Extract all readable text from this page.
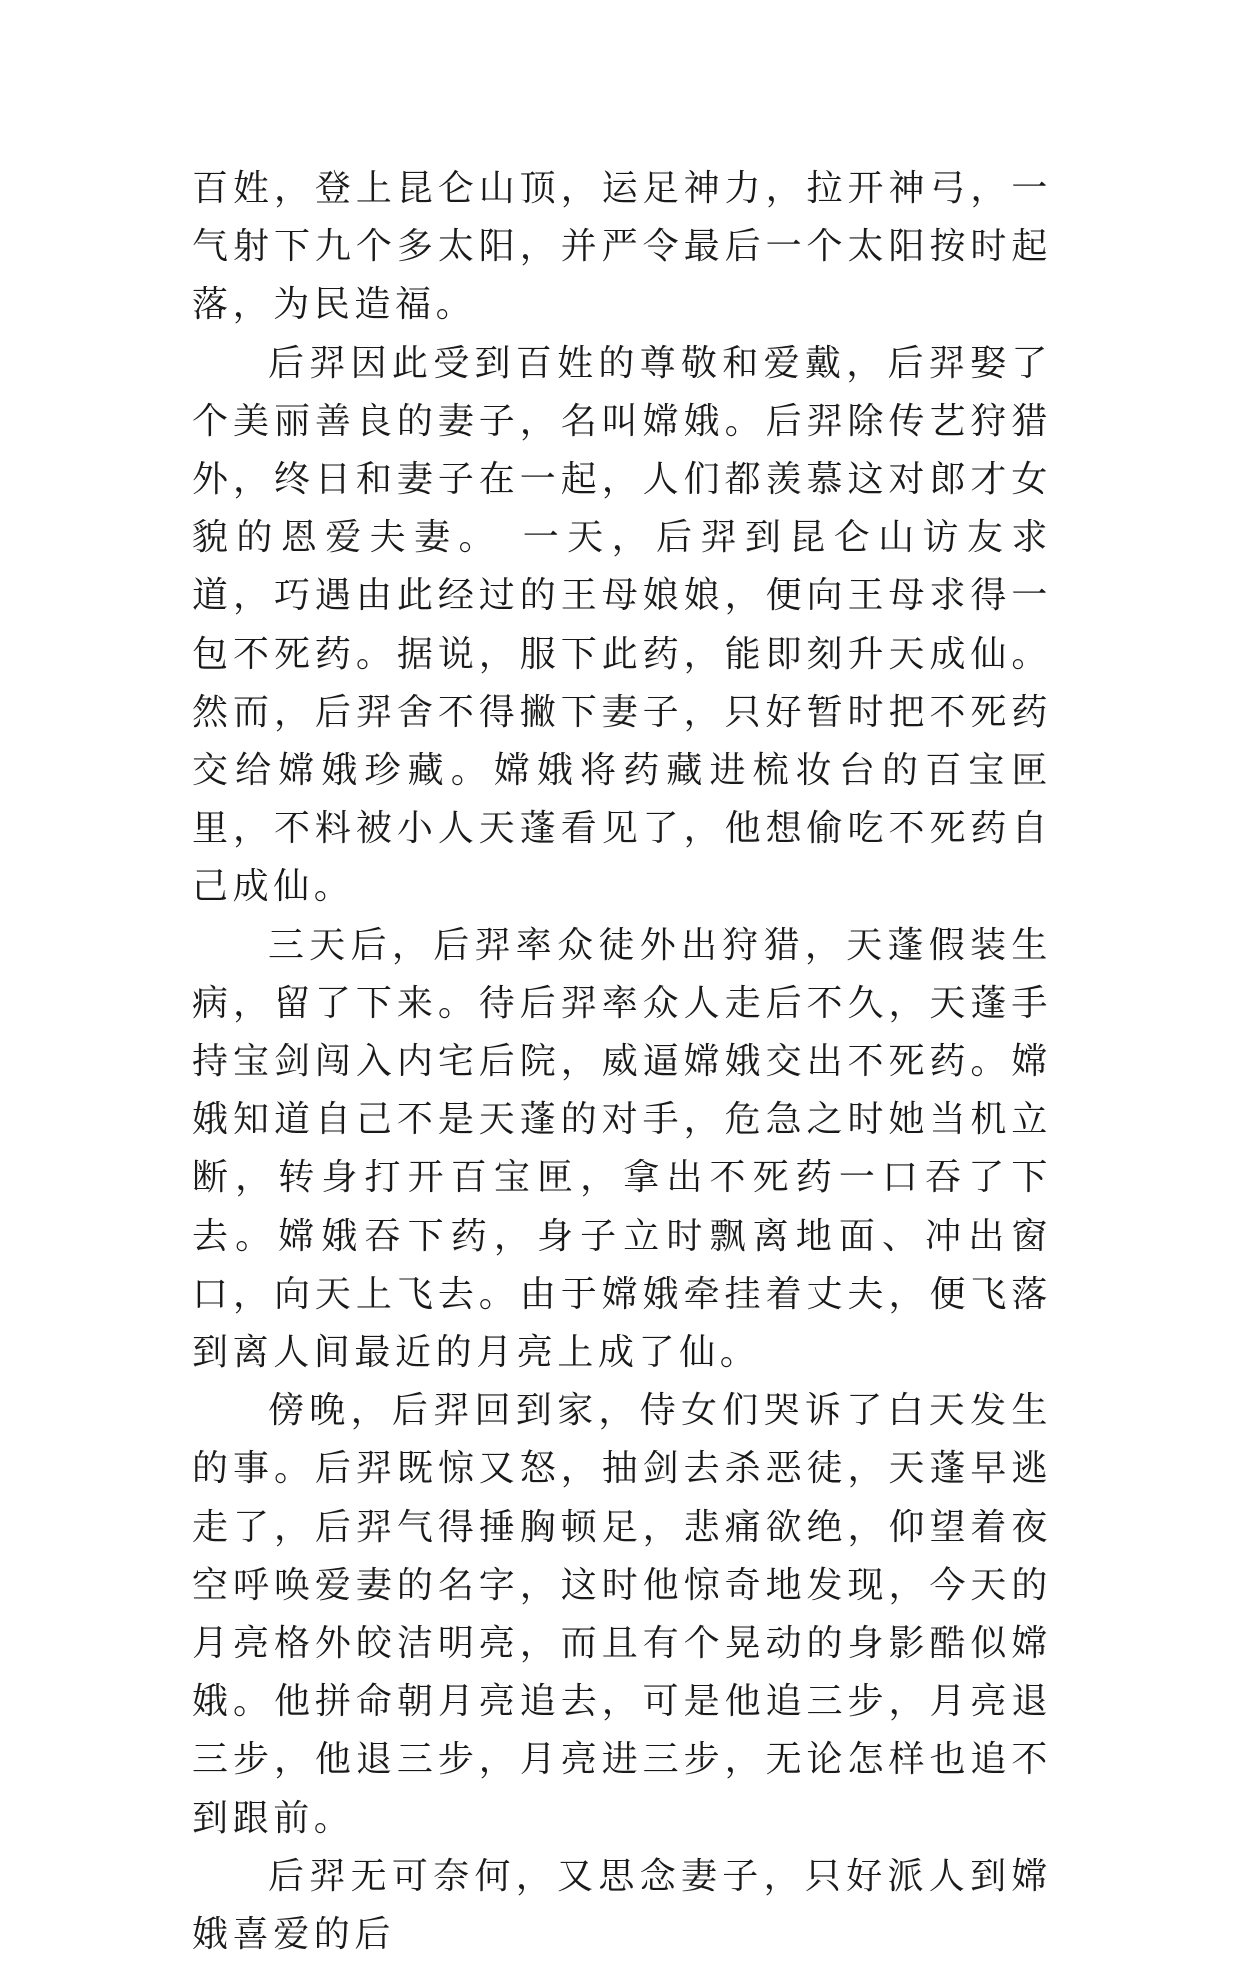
百姓，登上昆仑山顶，运足神力，拉开神弓，一气射下九个多太阳，并严令最后一个太阳按时起落，为民造福。

后羿因此受到百姓的尊敬和爱戴，后羿娶了个美丽善良的妻子，名叫嫦娥。后羿除传艺狩猎外，终日和妻子在一起，人们都羡慕这对郎才女貌的恩爱夫妻。 一天，后羿到昆仑山访友求道，巧遇由此经过的王母娘娘，便向王母求得一包不死药。据说，服下此药，能即刻升天成仙。然而，后羿舍不得撇下妻子，只好暂时把不死药交给嫦娥珍藏。嫦娥将药藏进梳妆台的百宝匣里，不料被小人天蓬看见了，他想偷吃不死药自己成仙。

三天后，后羿率众徒外出狩猎，天蓬假装生病，留了下来。待后羿率众人走后不久，天蓬手持宝剑闯入内宅后院，威逼嫦娥交出不死药。嫦娥知道自己不是天蓬的对手，危急之时她当机立断，转身打开百宝匣，拿出不死药一口吞了下去。嫦娥吞下药，身子立时飘离地面、冲出窗口，向天上飞去。由于嫦娥牵挂着丈夫，便飞落到离人间最近的月亮上成了仙。

傍晚，后羿回到家，侍女们哭诉了白天发生的事。后羿既惊又怒，抽剑去杀恶徒，天蓬早逃走了，后羿气得捶胸顿足，悲痛欲绝，仰望着夜空呼唤爱妻的名字，这时他惊奇地发现，今天的月亮格外皎洁明亮，而且有个晃动的身影酷似嫦娥。他拼命朝月亮追去，可是他追三步，月亮退三步，他退三步，月亮进三步，无论怎样也追不到跟前。

后羿无可奈何，又思念妻子，只好派人到嫦娥喜爱的后
